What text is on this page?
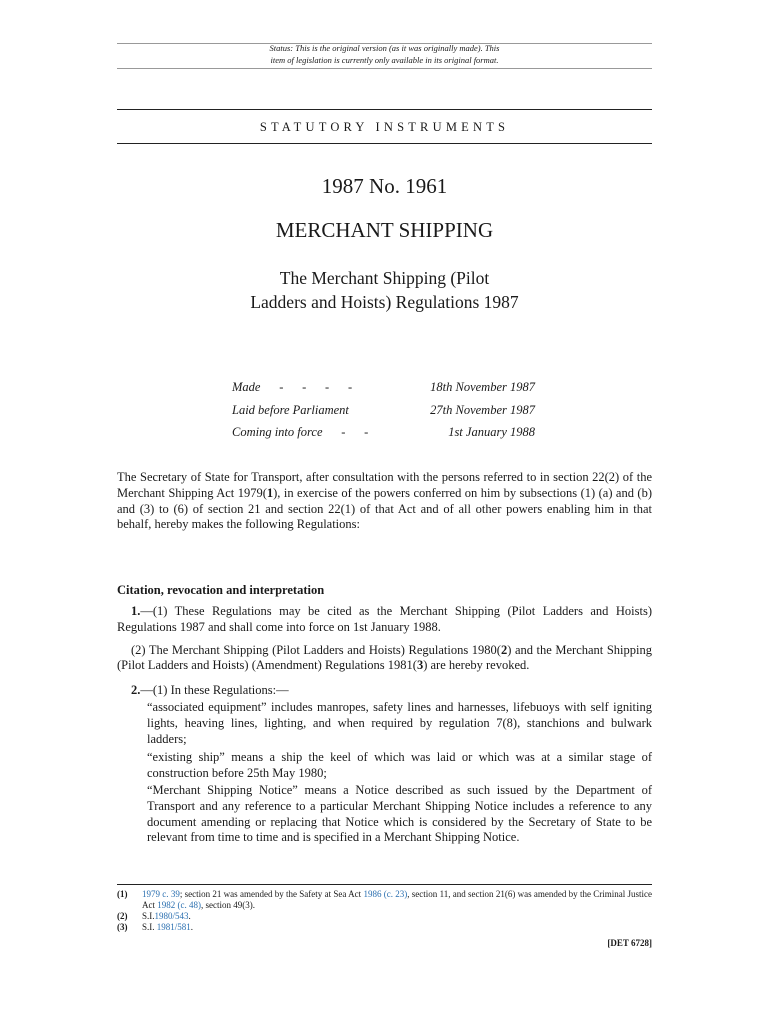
Status: This is the original version (as it was originally made). This
item of legislation is currently only available in its original format.
STATUTORY INSTRUMENTS
1987 No. 1961
MERCHANT SHIPPING
The Merchant Shipping (Pilot
Ladders and Hoists) Regulations 1987
Made      -      -      -      -	18th November 1987
Laid before Parliament	27th November 1987
Coming into force      -      -	1st January 1988

The Secretary of State for Transport, after consultation with the persons referred to in section 22(2) of the Merchant Shipping Act 1979(1), in exercise of the powers conferred on him by subsections (1) (a) and (b) and (3) to (6) of section 21 and section 22(1) of that Act and of all other powers enabling him in that behalf, hereby makes the following Regulations:

Citation, revocation and interpretation

1.—(1) These Regulations may be cited as the Merchant Shipping (Pilot Ladders and Hoists) Regulations 1987 and shall come into force on 1st January 1988.

(2) The Merchant Shipping (Pilot Ladders and Hoists) Regulations 1980(2) and the Merchant Shipping (Pilot Ladders and Hoists) (Amendment) Regulations 1981(3) are hereby revoked.

2.—(1) In these Regulations:—

“associated equipment” includes manropes, safety lines and harnesses, lifebuoys with self igniting lights, heaving lines, lighting, and when required by regulation 7(8), stanchions and bulwark ladders;
“existing ship” means a ship the keel of which was laid or which was at a similar stage of construction before 25th May 1980;
“Merchant Shipping Notice” means a Notice described as such issued by the Department of Transport and any reference to a particular Merchant Shipping Notice includes a reference to any document amending or replacing that Notice which is considered by the Secretary of State to be relevant from time to time and is specified in a Merchant Shipping Notice.
(1)	1979 c. 39; section 21 was amended by the Safety at Sea Act 1986 (c. 23), section 11, and section 21(6) was amended by the Criminal Justice Act 1982 (c. 48), section 49(3).
(2)	S.I.1980/543.
(3)	S.I. 1981/581.
[DET 6728]
